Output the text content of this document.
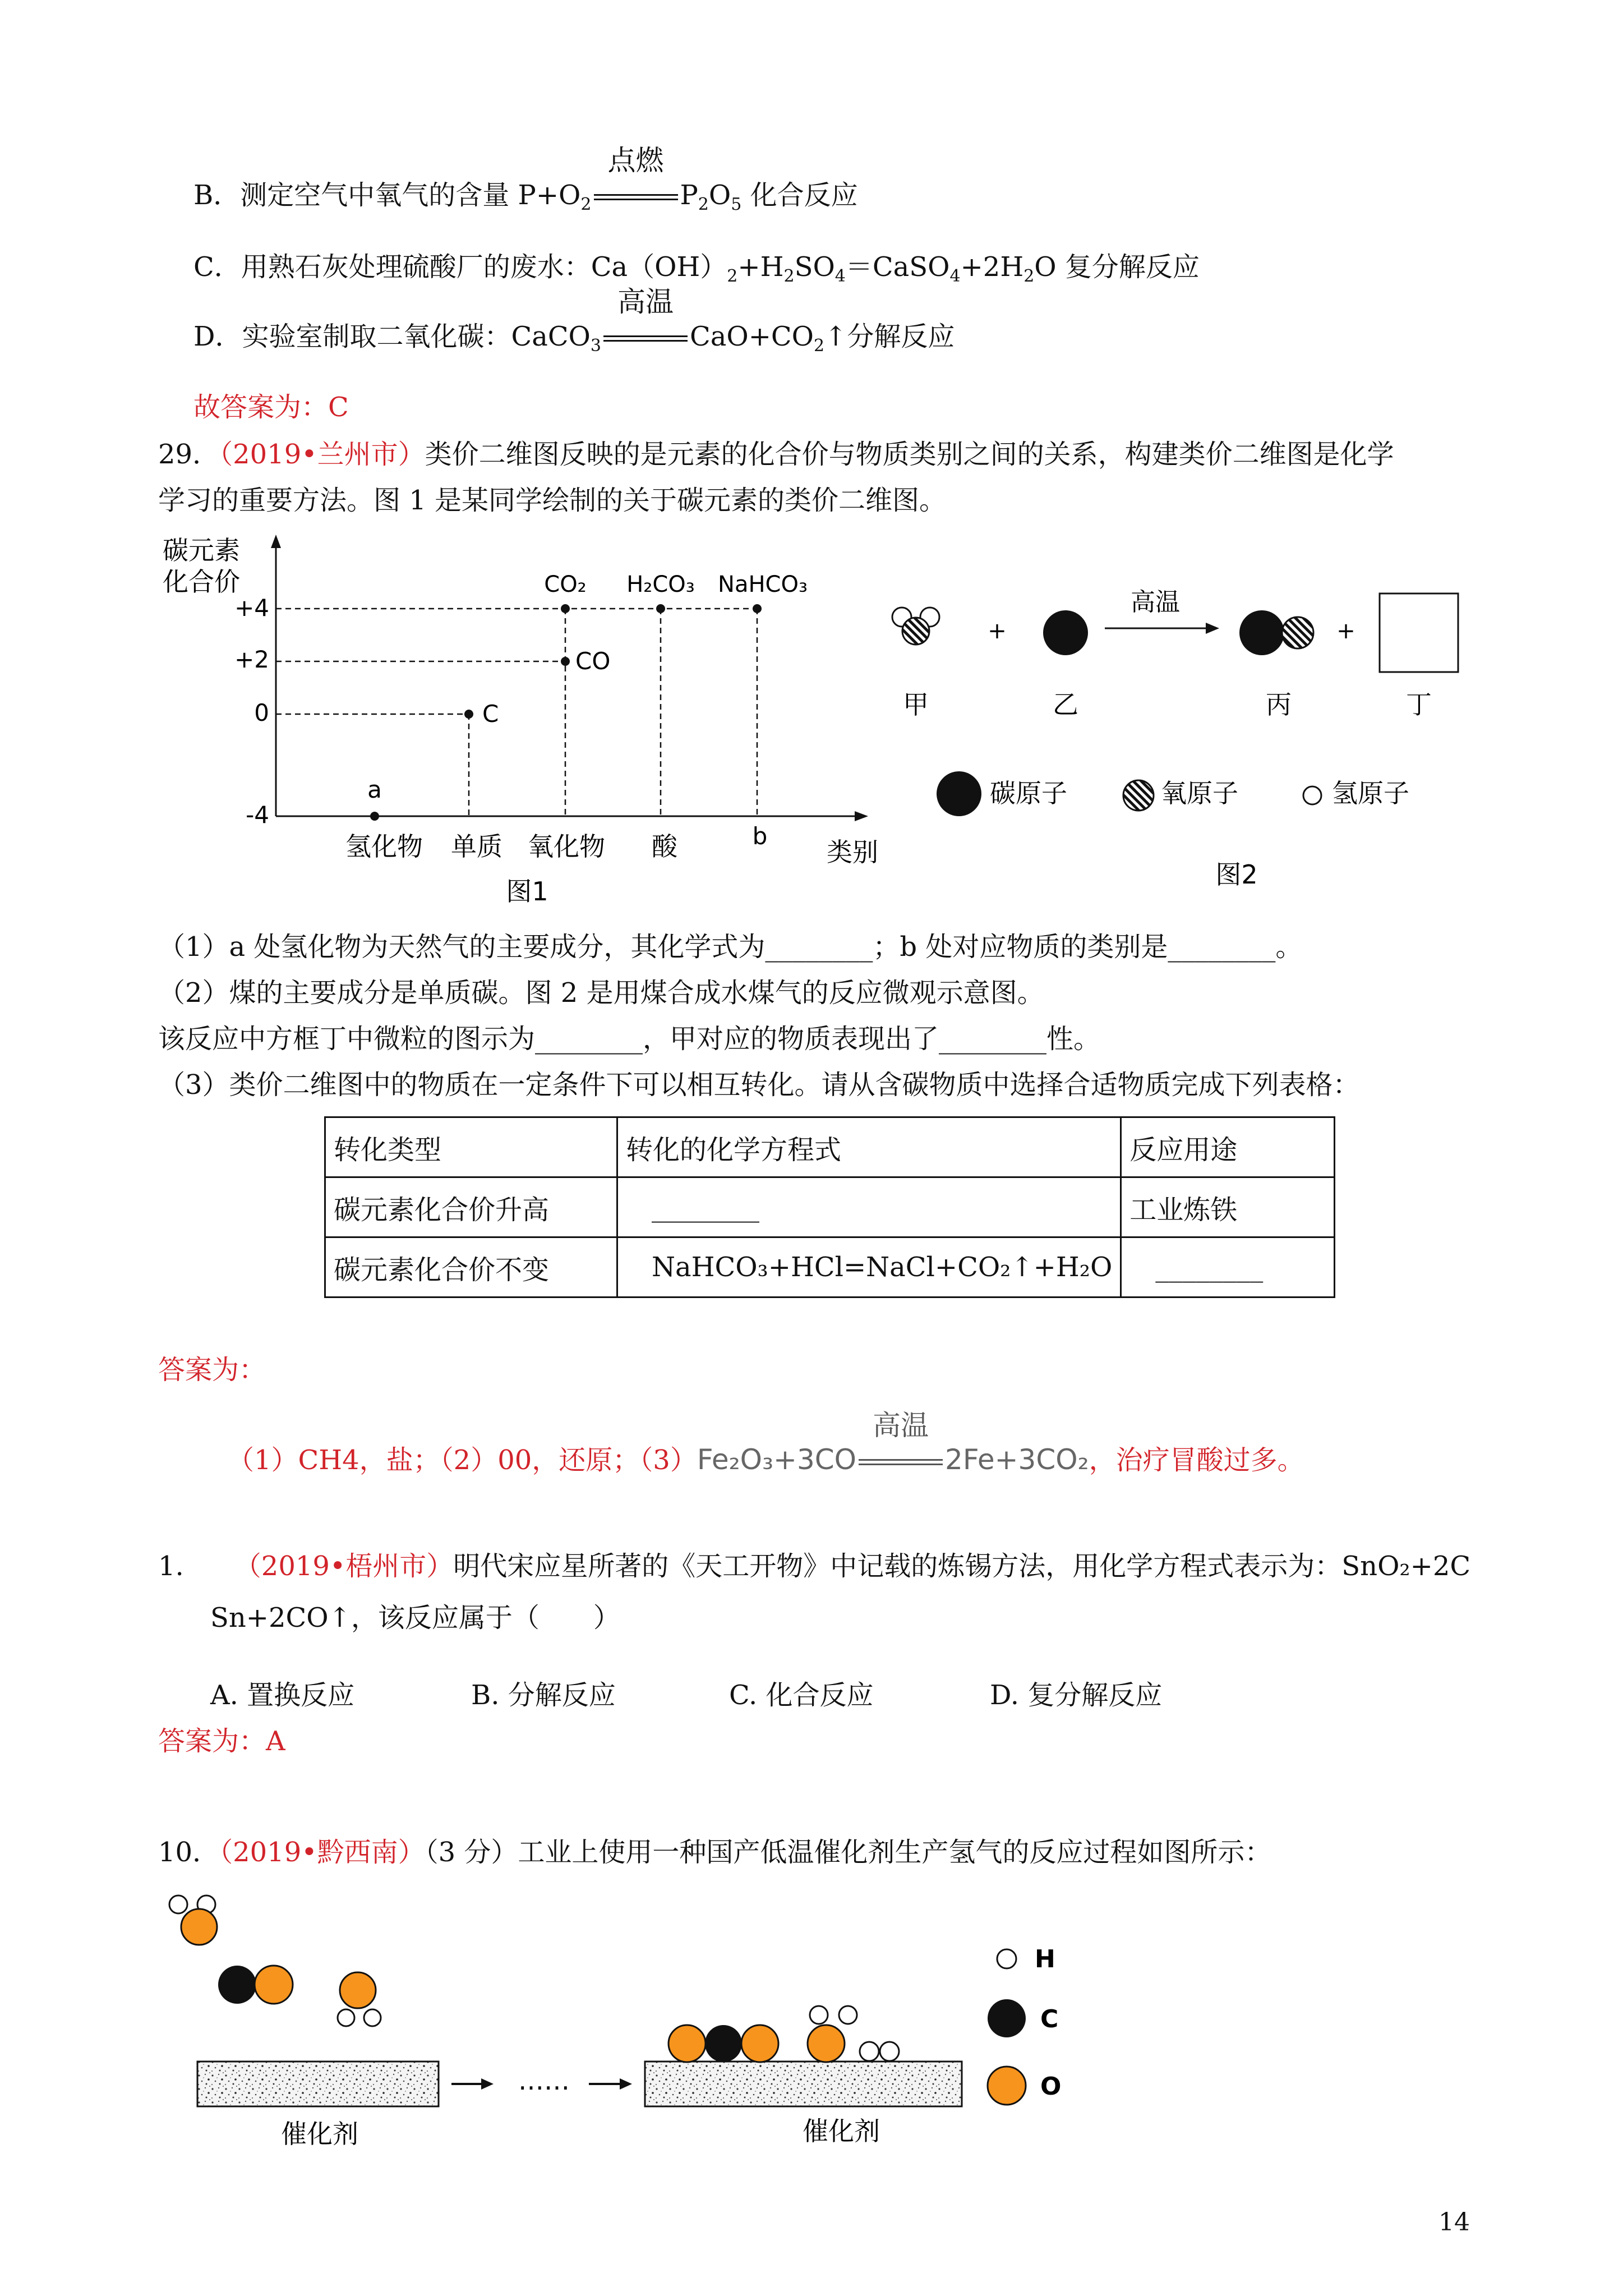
B．测定空气中氧气的含量 $P+O_2$
点燃
$P_2O_5$ 化合反应
C．用熟石灰处理硫酸厂的废水：$Ca(OH)_2+H_2SO_4=CaSO_4+2H_2O$ 复分解反应
D．实验室制取二氧化碳：CaCO$_3$
高温
$CaO+CO_2↑$分解反应
故答案为：C
29．（2019•兰州市）类价二维图反映的是元素的化合价与物质类别之间的关系，构建类价二维图是化学
学习的重要方法。图 1 是某同学绘制的关于碳元素的类价二维图。
碳元素
化合价
+4
+2
0
-4
a
C
CO
CO₂ H₂CO₃ NaHCO₃
氢化物 单质 氧化物 酸	b
类别
图1
+
高温
+
甲	乙	丙	丁
碳原子	氧原子	氢原子
图2
（1）a 处氢化物为天然气的主要成分，其化学式为________；b 处对应物质的类别是________。
（2）煤的主要成分是单质碳。图 2 是用煤合成水煤气的反应微观示意图。
该反应中方框丁中微粒的图示为________，甲对应的物质表现出了________性。
（3）类价二维图中的物质在一定条件下可以相互转化。请从含碳物质中选择合适物质完成下列表格：
转化类型	转化的化学方程式	反应用途
碳元素化合价升高	________	工业炼铁
碳元素化合价不变	NaHCO₃+HCl=NaCl+CO₂↑+H₂O	________
答案为：
（1）CH4，盐；（2）00，还原；（3）Fe₂O₃+3CO
高温
2Fe+3CO₂，治疗冒酸过多。
1. （2019•梧州市）明代宋应星所著的《天工开物》中记载的炼锡方法，用化学方程式表示为：SnO₂+2C
Sn+2CO↑，该反应属于（　　）
A. 置换反应	B. 分解反应	C. 化合反应	D. 复分解反应
答案为：A
10．（2019•黔西南）（3 分）工业上使用一种国产低温催化剂生产氢气的反应过程如图所示：
催化剂
……
催化剂
H
C
O
14
